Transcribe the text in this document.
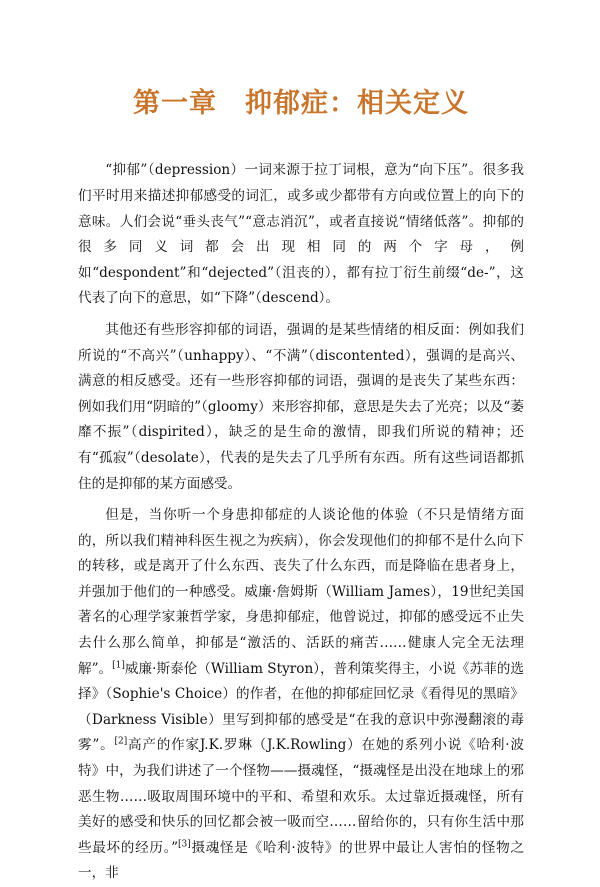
第一章　抑郁症：相关定义

“抑郁”（depression）一词来源于拉丁词根，意为“向下压”。很多我们平时用来描述抑郁感受的词汇，或多或少都带有方向或位置上的向下的意味。人们会说“垂头丧气”“意志消沉”，或者直接说“情绪低落”。抑郁的很多同义词都会出现相同的两个字母，例如“despondent”和“dejected”（沮丧的），都有拉丁衍生前缀“de-”，这代表了向下的意思，如“下降”（descend）。

其他还有些形容抑郁的词语，强调的是某些情绪的相反面：例如我们所说的“不高兴”（unhappy）、“不满”（discontented），强调的是高兴、满意的相反感受。还有一些形容抑郁的词语，强调的是丧失了某些东西：例如我们用“阴暗的”（gloomy）来形容抑郁，意思是失去了光亮；以及“萎靡不振”（dispirited），缺乏的是生命的激情，即我们所说的精神；还有“孤寂”（desolate），代表的是失去了几乎所有东西。所有这些词语都抓住的是抑郁的某方面感受。

但是，当你听一个身患抑郁症的人谈论他的体验（不只是情绪方面的，所以我们精神科医生视之为疾病），你会发现他们的抑郁不是什么向下的转移，或是离开了什么东西、丧失了什么东西，而是降临在患者身上，并强加于他们的一种感受。威廉·詹姆斯（William James），19世纪美国著名的心理学家兼哲学家，身患抑郁症，他曾说过，抑郁的感受远不止失去什么那么简单，抑郁是“激活的、活跃的痛苦……健康人完全无法理解”。[1]威廉·斯泰伦（William Styron），普利策奖得主，小说《苏菲的选择》（Sophie's Choice）的作者，在他的抑郁症回忆录《看得见的黑暗》（Darkness Visible）里写到抑郁的感受是“在我的意识中弥漫翻滚的毒雾”。[2]高产的作家J.K.罗琳（J.K.Rowling）在她的系列小说《哈利·波特》中，为我们讲述了一个怪物——摄魂怪，“摄魂怪是出没在地球上的邪恶生物……吸取周围环境中的平和、希望和欢乐。太过靠近摄魂怪，所有美好的感受和快乐的回忆都会被一吸而空……留给你的，只有你生活中那些最坏的经历。”[3]摄魂怪是《哈利·波特》的世界中最让人害怕的怪物之一，非
